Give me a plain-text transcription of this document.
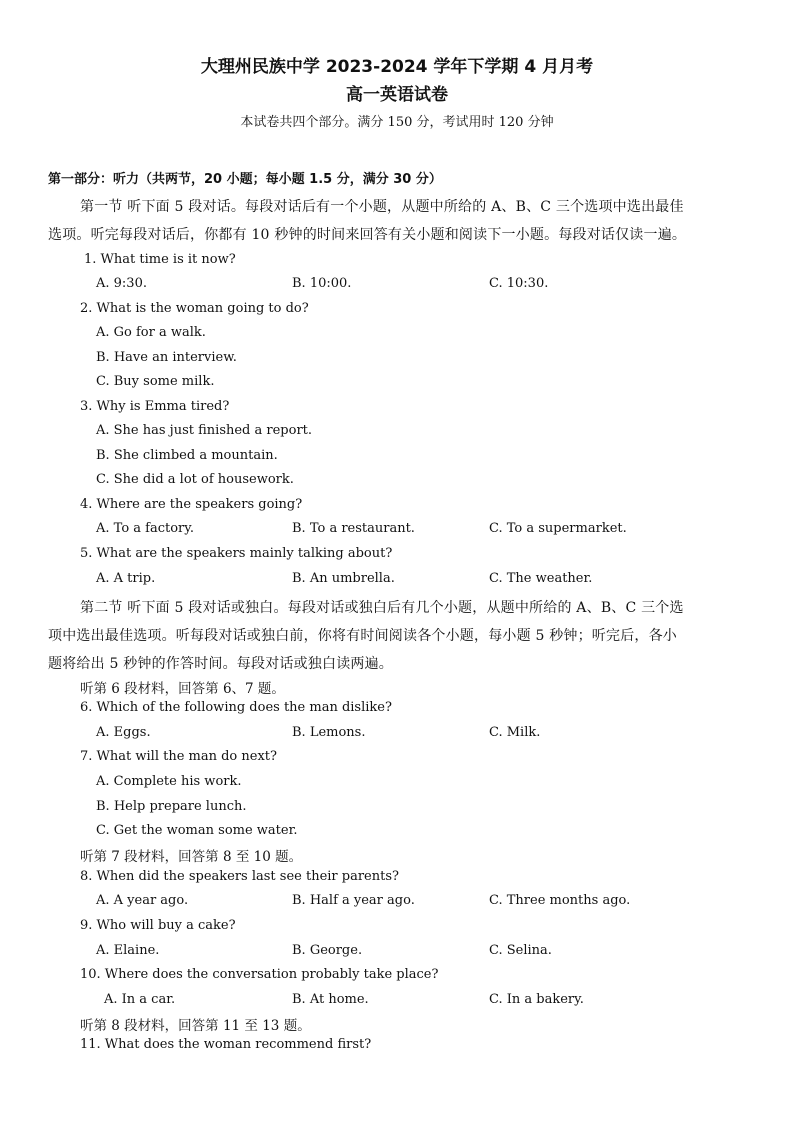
大理州民族中学 2023-2024 学年下学期 4 月月考
高一英语试卷
本试卷共四个部分。满分 150 分，考试用时 120 分钟
第一部分：听力（共两节，20 小题；每小题 1.5 分，满分 30 分）
第一节 听下面 5 段对话。每段对话后有一个小题，从题中所给的 A、B、C 三个选项中选出最佳
选项。听完每段对话后，你都有 10 秒钟的时间来回答有关小题和阅读下一小题。每段对话仅读一遍。
1. What time is it now?
A. 9:30.	B. 10:00.	C. 10:30.
2. What is the woman going to do?
A. Go for a walk.
B. Have an interview.
C. Buy some milk.
3. Why is Emma tired?
A. She has just finished a report.
B. She climbed a mountain.
C. She did a lot of housework.
4. Where are the speakers going?
A. To a factory.	B. To a restaurant.	C. To a supermarket.
5. What are the speakers mainly talking about?
A. A trip.	B. An umbrella.	C. The weather.
第二节 听下面 5 段对话或独白。每段对话或独白后有几个小题，从题中所给的 A、B、C 三个选
项中选出最佳选项。听每段对话或独白前，你将有时间阅读各个小题，每小题 5 秒钟；听完后，各小
题将给出 5 秒钟的作答时间。每段对话或独白读两遍。
听第 6 段材料，回答第 6、7 题。
6. Which of the following does the man dislike?
A. Eggs.	B. Lemons.	C. Milk.
7. What will the man do next?
A. Complete his work.
B. Help prepare lunch.
C. Get the woman some water.
听第 7 段材料，回答第 8 至 10 题。
8. When did the speakers last see their parents?
A. A year ago.	B. Half a year ago.	C. Three months ago.
9. Who will buy a cake?
A. Elaine.	B. George.	C. Selina.
10. Where does the conversation probably take place?
A. In a car.	B. At home.	C. In a bakery.
听第 8 段材料，回答第 11 至 13 题。
11. What does the woman recommend first?
